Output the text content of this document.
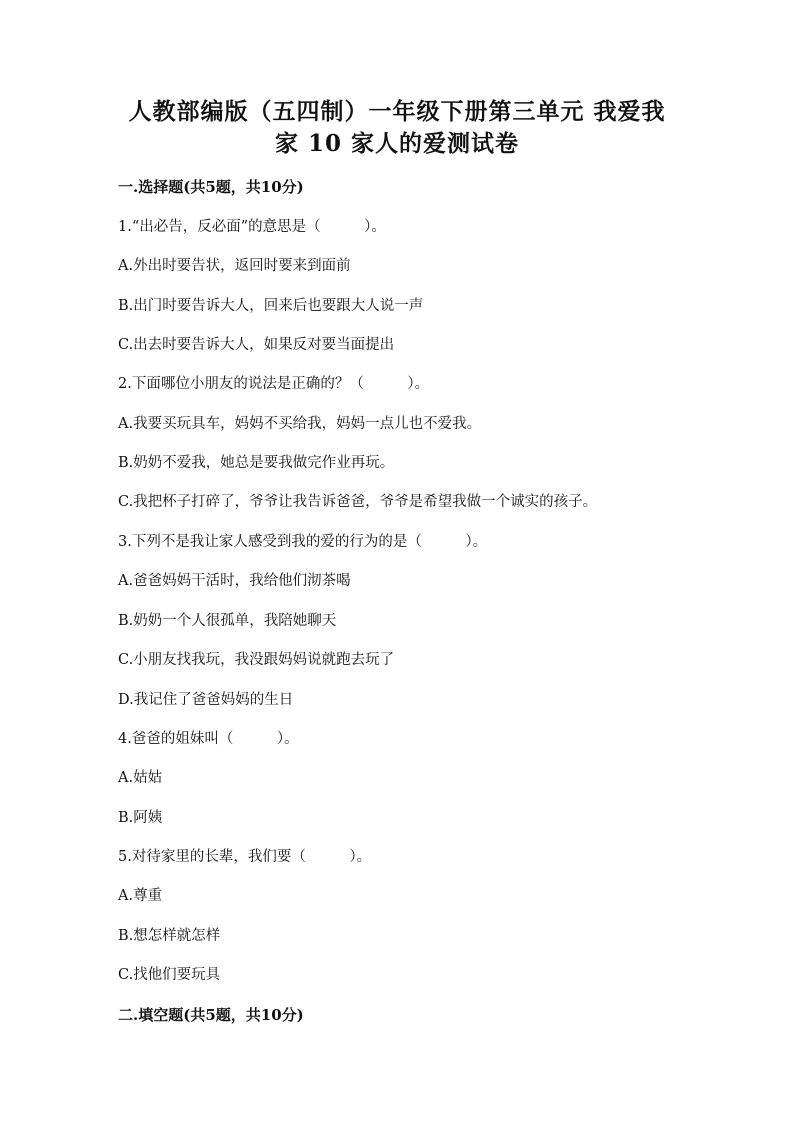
人教部编版（五四制）一年级下册第三单元 我爱我
家 10 家人的爱测试卷
一.选择题(共5题，共10分)
1.“出必告，反必面”的意思是（　　　）。
A.外出时要告状，返回时要来到面前
B.出门时要告诉大人，回来后也要跟大人说一声
C.出去时要告诉大人，如果反对要当面提出
2.下面哪位小朋友的说法是正确的？（　　　）。
A.我要买玩具车，妈妈不买给我，妈妈一点儿也不爱我。
B.奶奶不爱我，她总是要我做完作业再玩。
C.我把杯子打碎了，爷爷让我告诉爸爸，爷爷是希望我做一个诚实的孩子。
3.下列不是我让家人感受到我的爱的行为的是（　　　）。
A.爸爸妈妈干活时，我给他们沏茶喝
B.奶奶一个人很孤单，我陪她聊天
C.小朋友找我玩，我没跟妈妈说就跑去玩了
D.我记住了爸爸妈妈的生日
4.爸爸的姐妹叫（　　　）。
A.姑姑
B.阿姨
5.对待家里的长辈，我们要（　　　）。
A.尊重
B.想怎样就怎样
C.找他们要玩具
二.填空题(共5题，共10分)
